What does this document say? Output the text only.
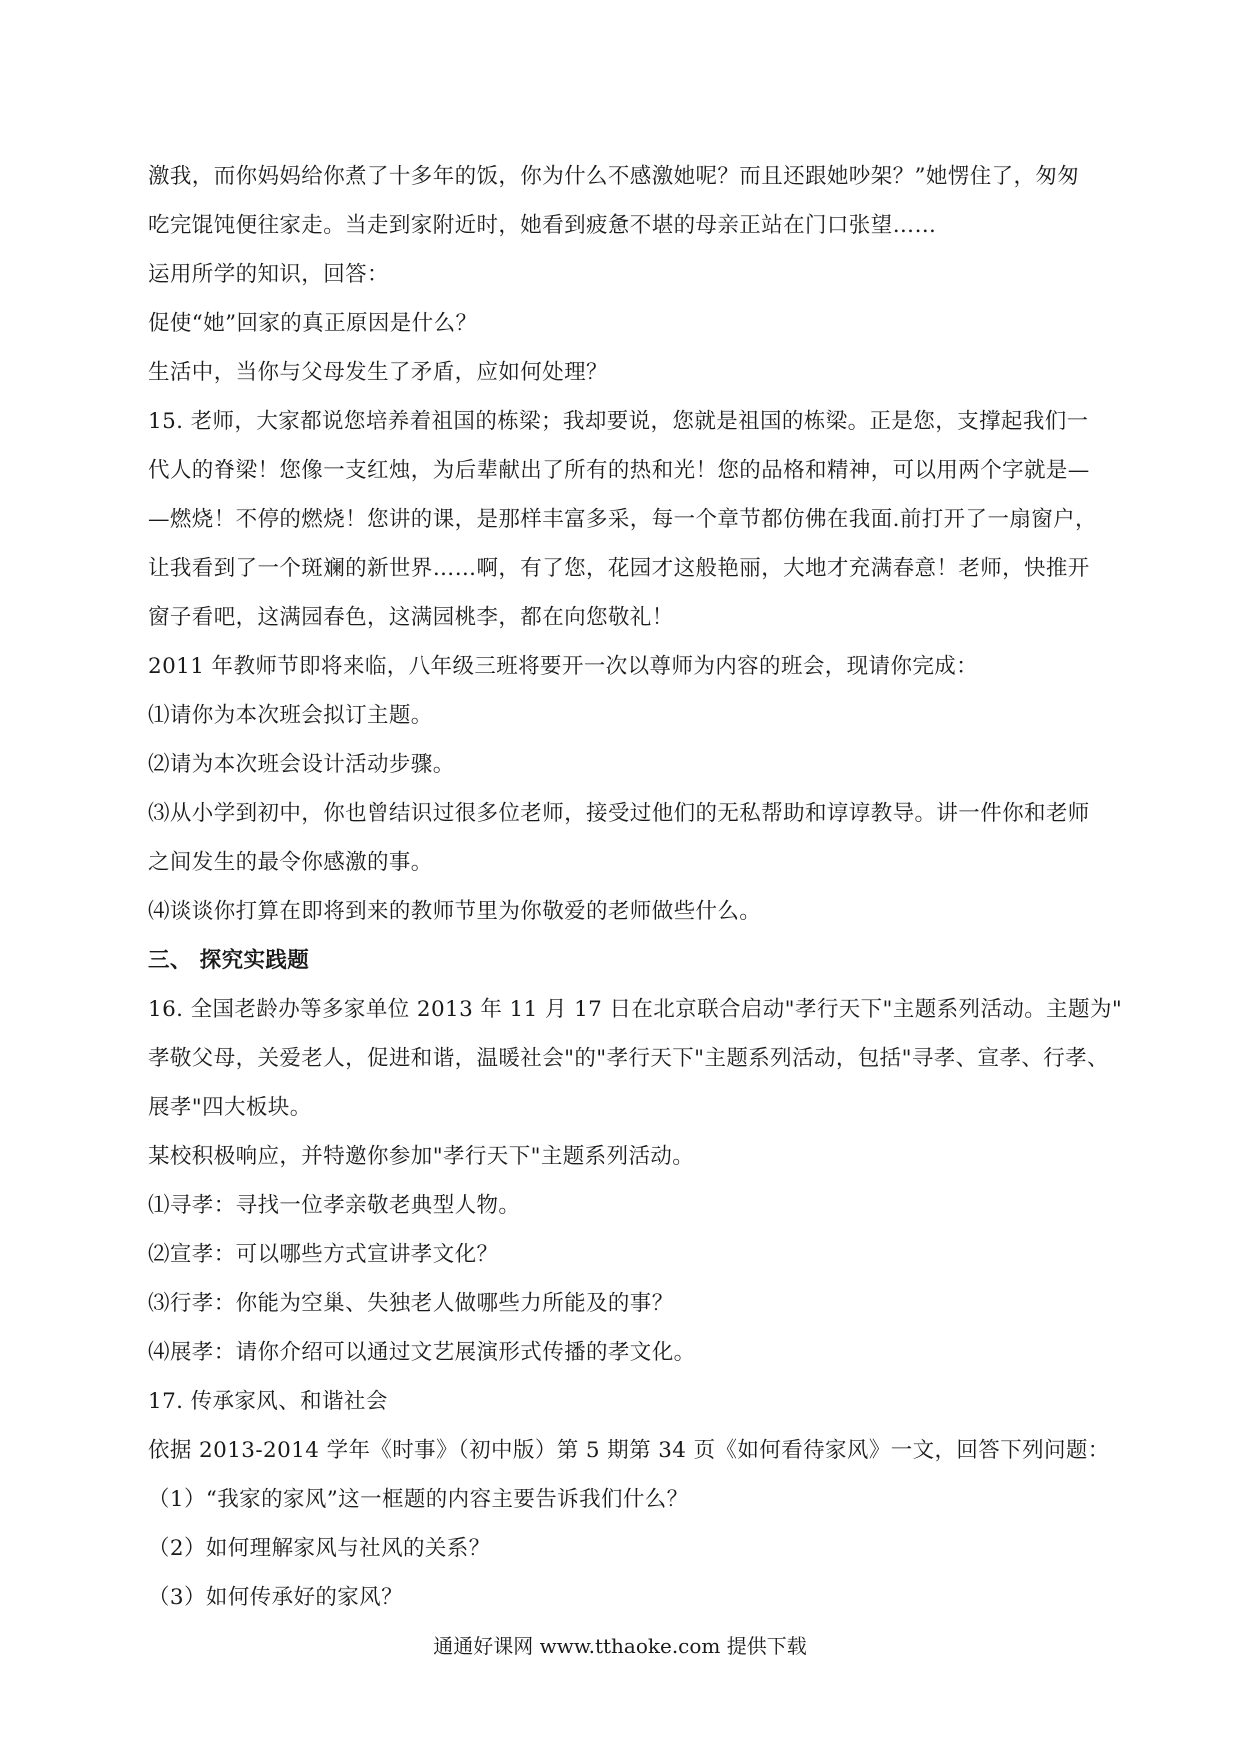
激我，而你妈妈给你煮了十多年的饭，你为什么不感激她呢？而且还跟她吵架？”她愣住了，匆匆
吃完馄饨便往家走。当走到家附近时，她看到疲惫不堪的母亲正站在门口张望……
运用所学的知识，回答：
促使“她”回家的真正原因是什么？
生活中，当你与父母发生了矛盾，应如何处理？
15. 老师，大家都说您培养着祖国的栋梁；我却要说，您就是祖国的栋梁。正是您，支撑起我们一
代人的脊梁！您像一支红烛，为后辈献出了所有的热和光！您的品格和精神，可以用两个字就是—
—燃烧！不停的燃烧！您讲的课，是那样丰富多采，每一个章节都仿佛在我面.前打开了一扇窗户，
让我看到了一个斑斓的新世界……啊，有了您，花园才这般艳丽，大地才充满春意！老师，快推开
窗子看吧，这满园春色，这满园桃李，都在向您敬礼！
2011 年教师节即将来临，八年级三班将要开一次以尊师为内容的班会，现请你完成：
⑴请你为本次班会拟订主题。
⑵请为本次班会设计活动步骤。
⑶从小学到初中，你也曾结识过很多位老师，接受过他们的无私帮助和谆谆教导。讲一件你和老师
之间发生的最令你感激的事。
⑷谈谈你打算在即将到来的教师节里为你敬爱的老师做些什么。
三、 探究实践题
16. 全国老龄办等多家单位 2013 年 11 月 17 日在北京联合启动"孝行天下"主题系列活动。主题为"
孝敬父母，关爱老人，促进和谐，温暖社会"的"孝行天下"主题系列活动，包括"寻孝、宣孝、行孝、
展孝"四大板块。
某校积极响应，并特邀你参加"孝行天下"主题系列活动。
⑴寻孝：寻找一位孝亲敬老典型人物。
⑵宣孝：可以哪些方式宣讲孝文化？
⑶行孝：你能为空巢、失独老人做哪些力所能及的事？
⑷展孝：请你介绍可以通过文艺展演形式传播的孝文化。
17. 传承家风、和谐社会
依据 2013-2014 学年《时事》（初中版）第 5 期第 34 页《如何看待家风》一文，回答下列问题：
（1）“我家的家风”这一框题的内容主要告诉我们什么？
（2）如何理解家风与社风的关系？
（3）如何传承好的家风？
通通好课网 www.tthaoke.com 提供下载
